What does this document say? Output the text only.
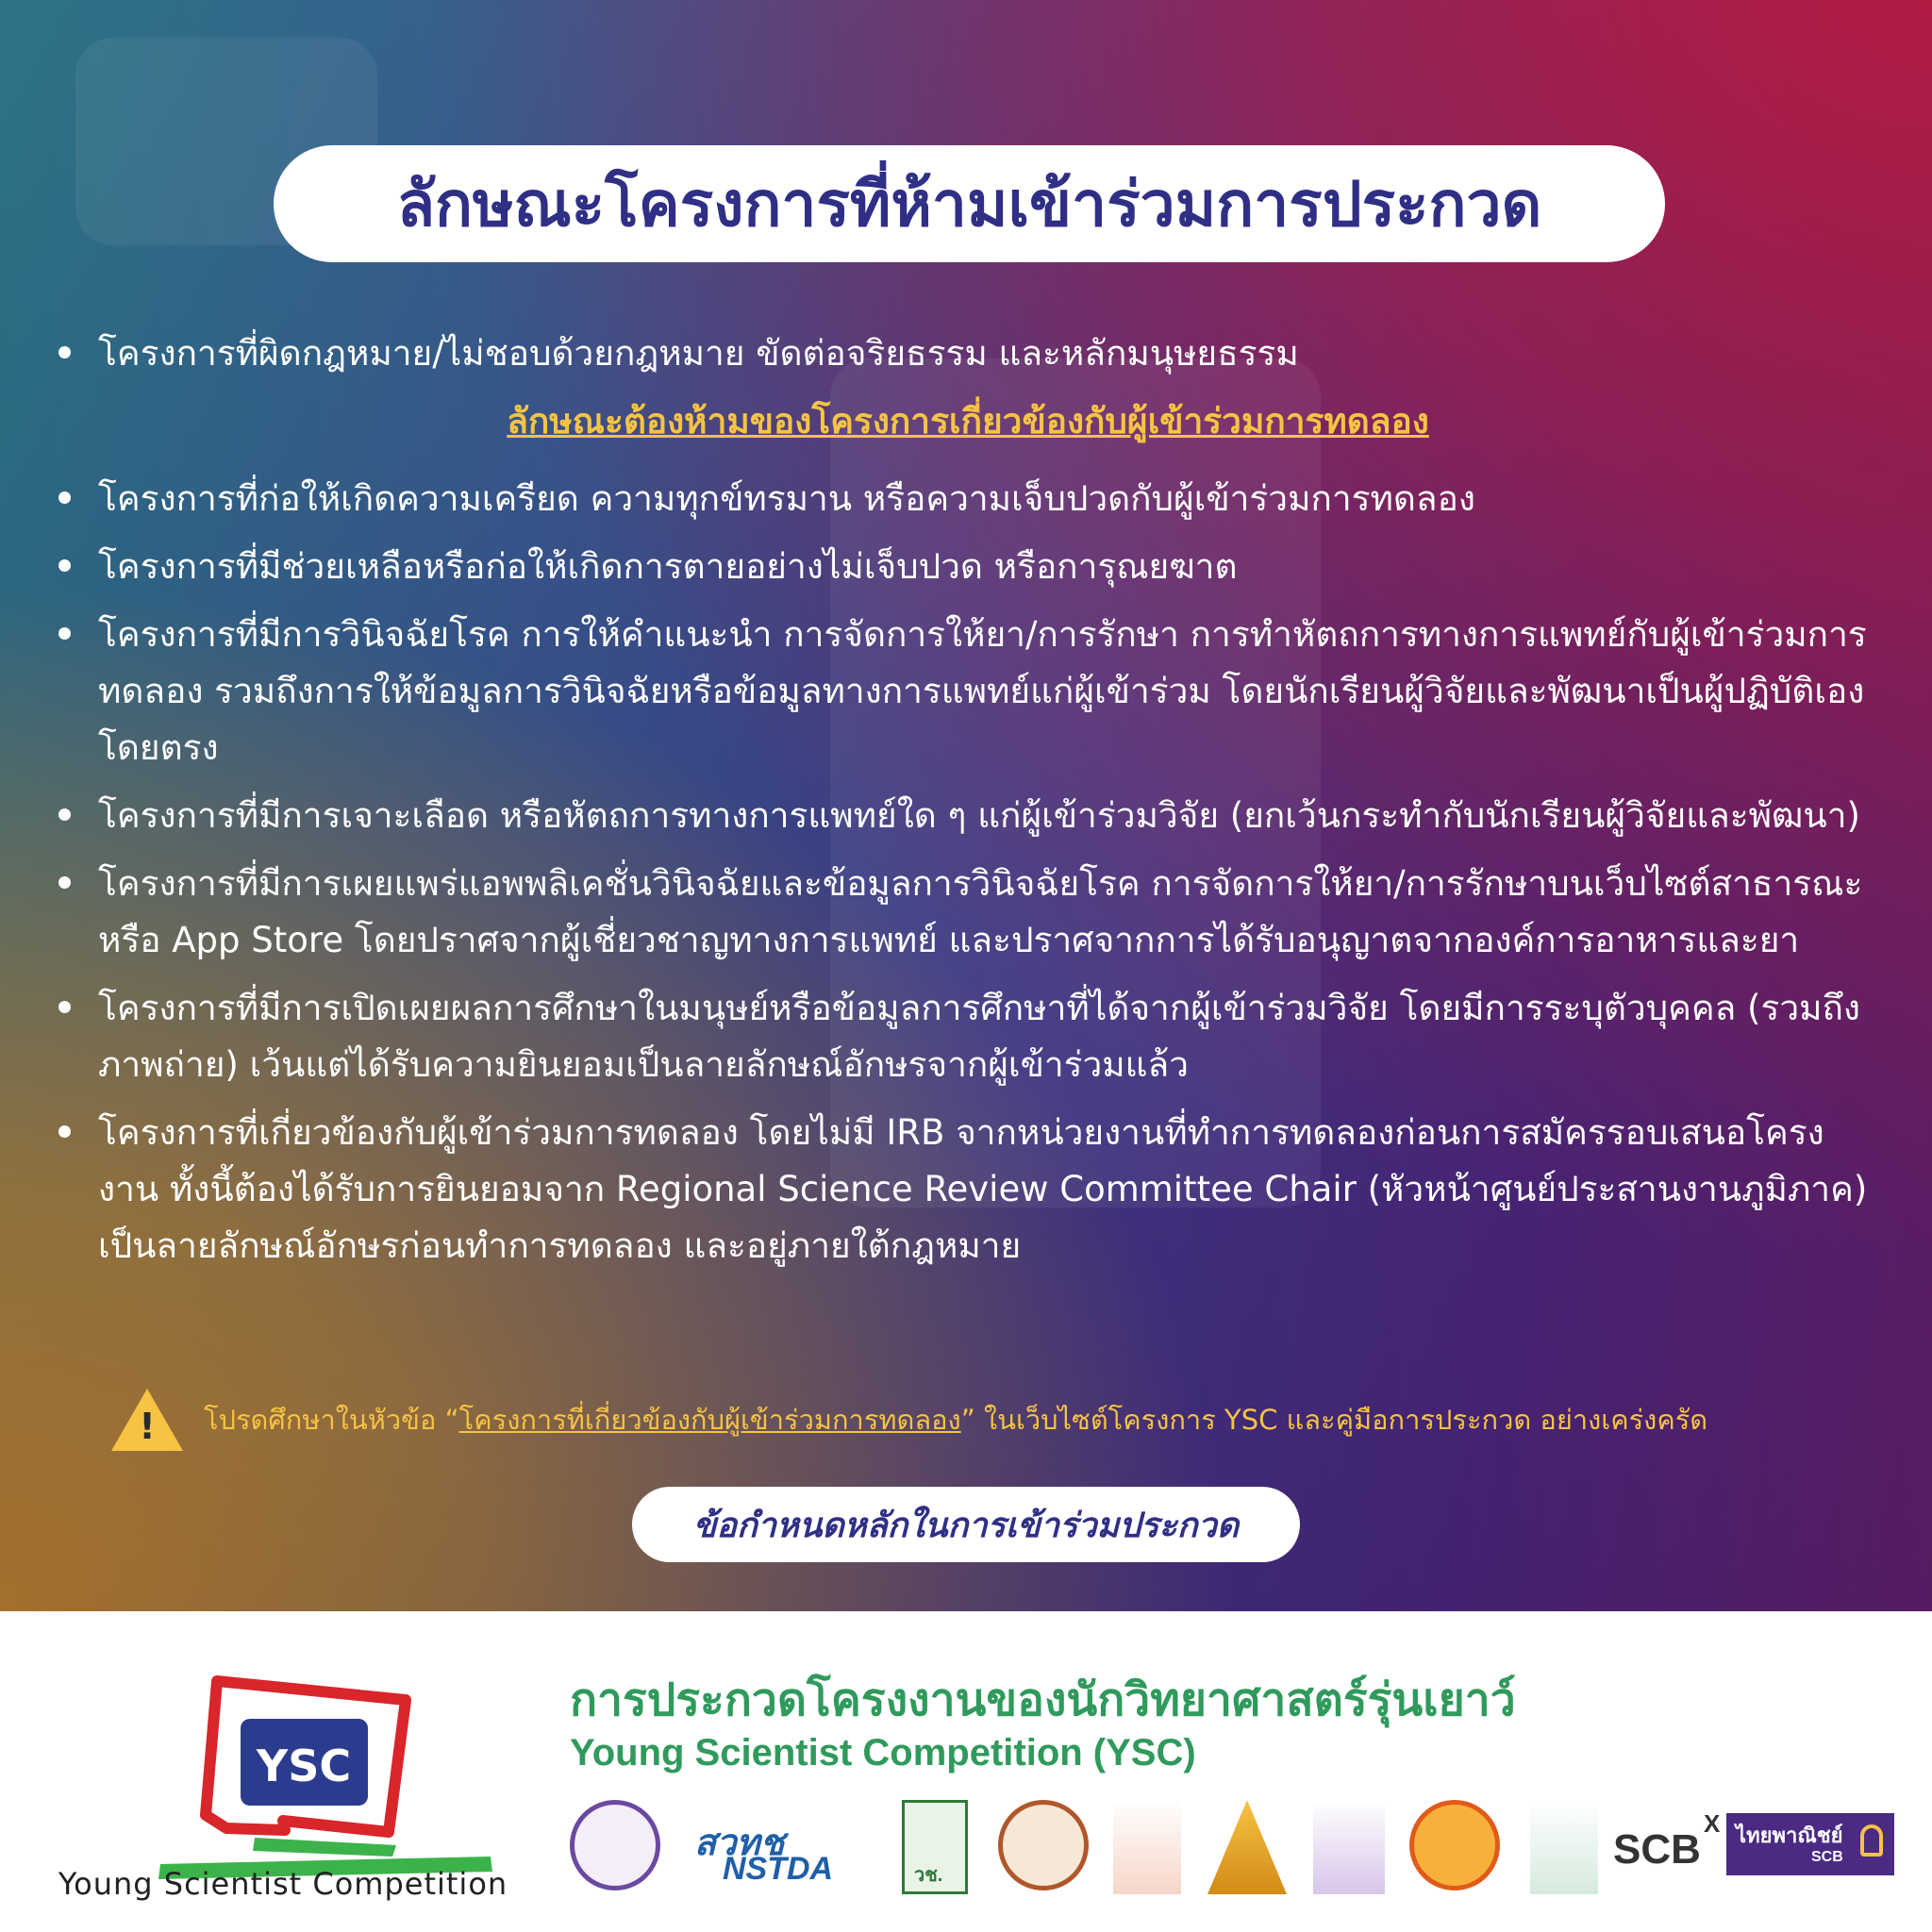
ลักษณะโครงการที่ห้ามเข้าร่วมการประกวด
โครงการที่ผิดกฎหมาย/ไม่ชอบด้วยกฎหมาย ขัดต่อจริยธรรม และหลักมนุษยธรรม
ลักษณะต้องห้ามของโครงการเกี่ยวข้องกับผู้เข้าร่วมการทดลอง
โครงการที่ก่อให้เกิดความเครียด ความทุกข์ทรมาน หรือความเจ็บปวดกับผู้เข้าร่วมการทดลอง
โครงการที่มีช่วยเหลือหรือก่อให้เกิดการตายอย่างไม่เจ็บปวด หรือการุณยฆาต
โครงการที่มีการวินิจฉัยโรค การให้คำแนะนำ การจัดการให้ยา/การรักษา การทำหัตถการทางการแพทย์กับผู้เข้าร่วมการทดลอง รวมถึงการให้ข้อมูลการวินิจฉัยหรือข้อมูลทางการแพทย์แก่ผู้เข้าร่วม โดยนักเรียนผู้วิจัยและพัฒนาเป็นผู้ปฏิบัติเองโดยตรง
โครงการที่มีการเจาะเลือด หรือหัตถการทางการแพทย์ใด ๆ แก่ผู้เข้าร่วมวิจัย (ยกเว้นกระทำกับนักเรียนผู้วิจัยและพัฒนา)
โครงการที่มีการเผยแพร่แอพพลิเคชั่นวินิจฉัยและข้อมูลการวินิจฉัยโรค การจัดการให้ยา/การรักษาบนเว็บไซต์สาธารณะหรือ App Store โดยปราศจากผู้เชี่ยวชาญทางการแพทย์ และปราศจากการได้รับอนุญาตจากองค์การอาหารและยา
โครงการที่มีการเปิดเผยผลการศึกษาในมนุษย์หรือข้อมูลการศึกษาที่ได้จากผู้เข้าร่วมวิจัย โดยมีการระบุตัวบุคคล (รวมถึงภาพถ่าย) เว้นแต่ได้รับความยินยอมเป็นลายลักษณ์อักษรจากผู้เข้าร่วมแล้ว
โครงการที่เกี่ยวข้องกับผู้เข้าร่วมการทดลอง โดยไม่มี IRB จากหน่วยงานที่ทำการทดลองก่อนการสมัครรอบเสนอโครงงาน ทั้งนี้ต้องได้รับการยินยอมจาก Regional Science Review Committee Chair (หัวหน้าศูนย์ประสานงานภูมิภาค) เป็นลายลักษณ์อักษรก่อนทำการทดลอง และอยู่ภายใต้กฎหมาย
!	โปรดศึกษาในหัวข้อ “ โครงการที่เกี่ยวข้องกับผู้เข้าร่วมการทดลอง ” ในเว็บไซต์โครงการ YSC และคู่มือการประกวด อย่างเคร่งครัด
ข้อกำหนดหลักในการเข้าร่วมประกวด
YSC
Young Scientist Competition
การประกวดโครงงานของนักวิทยาศาสตร์รุ่นเยาว์
Young Scientist Competition (YSC)
สวทช
NSTDA	วช.
SCB
X ไทยพาณิชย์
SCB
